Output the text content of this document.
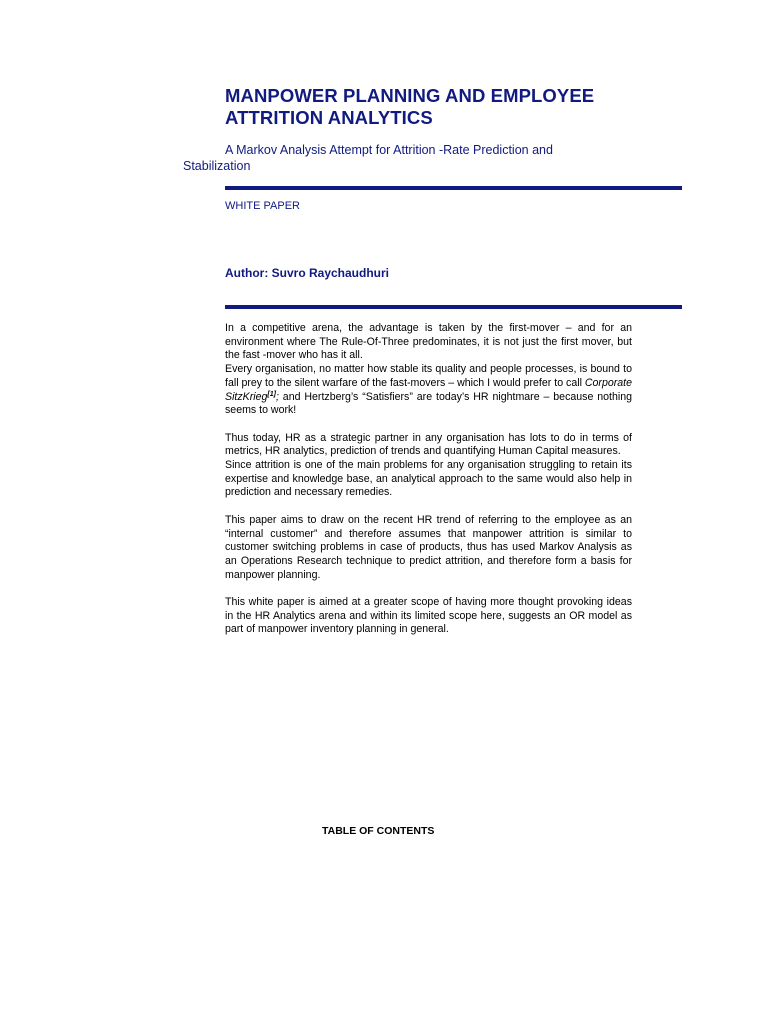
MANPOWER PLANNING AND EMPLOYEE ATTRITION ANALYTICS

A Markov Analysis Attempt for Attrition -Rate Prediction and Stabilization

WHITE PAPER

Author: Suvro Raychaudhuri

In a competitive arena, the advantage is taken by the first-mover – and for an environment where The Rule-Of-Three predominates, it is not just the first mover, but the fast -mover who has it all.

Every organisation, no matter how stable its quality and people processes, is bound to fall prey to the silent warfare of the fast-movers – which I would prefer to call Corporate SitzKrieg[1]; and Hertzberg’s “Satisfiers” are today’s HR nightmare – because nothing seems to work!

Thus today, HR as a strategic partner in any organisation has lots to do in terms of metrics, HR analytics, prediction of trends and quantifying Human Capital measures.

Since attrition is one of the main problems for any organisation struggling to retain its expertise and knowledge base, an analytical approach to the same would also help in prediction and necessary remedies.

This paper aims to draw on the recent HR trend of referring to the employee as an “internal customer” and therefore assumes that manpower attrition is similar to customer switching problems in case of products, thus has used Markov Analysis as an Operations Research technique to predict attrition, and therefore form a basis for manpower planning.

This white paper is aimed at a greater scope of having more thought provoking ideas in the HR Analytics arena and within its limited scope here, suggests an OR model as part of manpower inventory planning in general.

TABLE OF CONTENTS
